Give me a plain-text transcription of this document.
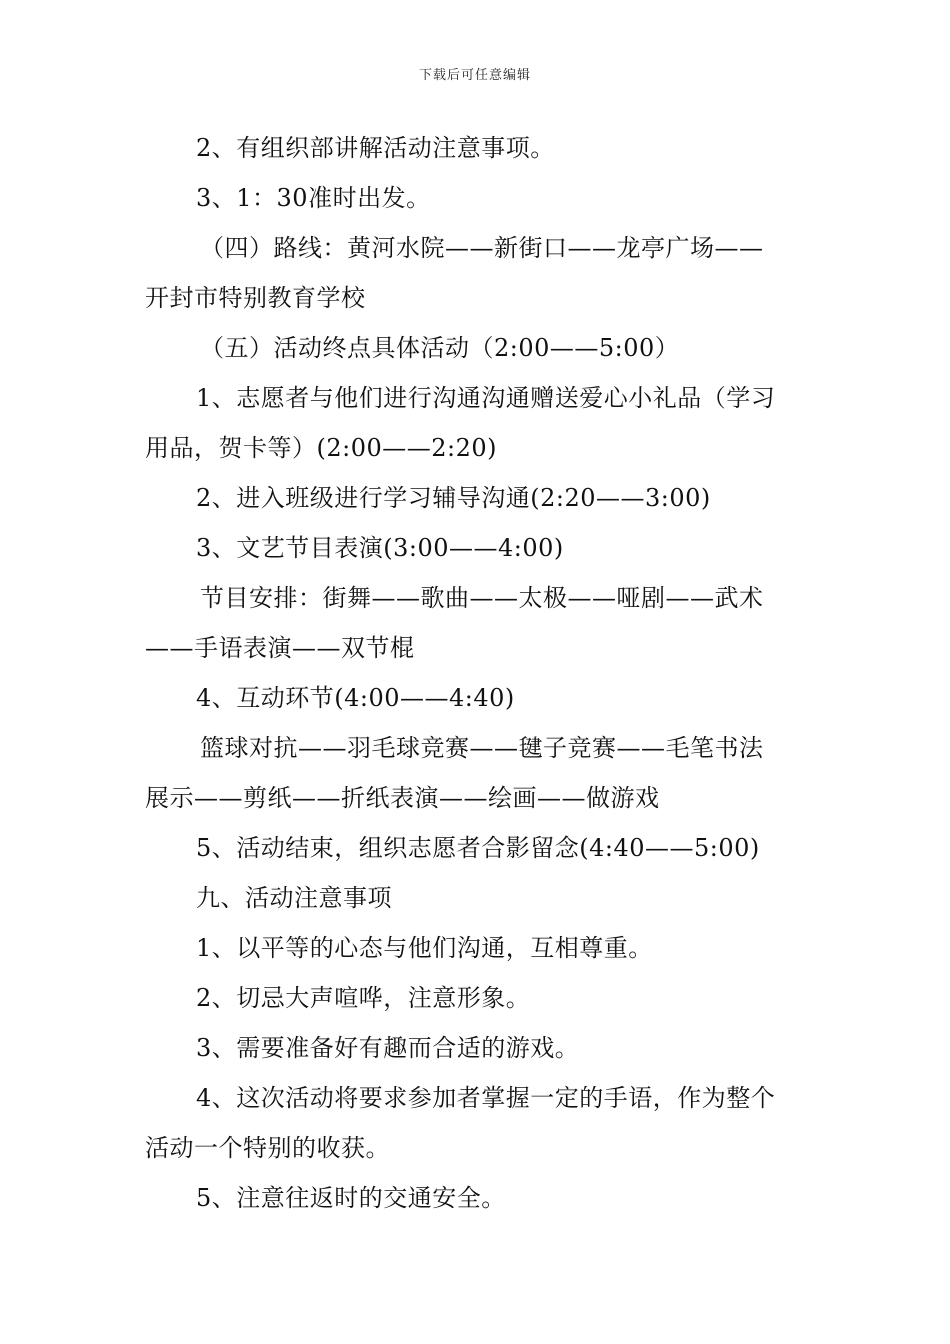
下载后可任意编辑
2、有组织部讲解活动注意事项。
3、1：30准时出发。
（四）路线：黄河水院——新街口——龙亭广场——
开封市特别教育学校
（五）活动终点具体活动（2:00——5:00）
1、志愿者与他们进行沟通沟通赠送爱心小礼品（学习
用品，贺卡等）(2:00——2:20)
2、进入班级进行学习辅导沟通(2:20——3:00)
3、文艺节目表演(3:00——4:00)
节目安排：街舞——歌曲——太极——哑剧——武术
——手语表演——双节棍
4、互动环节(4:00——4:40)
篮球对抗——羽毛球竞赛——毽子竞赛——毛笔书法
展示——剪纸——折纸表演——绘画——做游戏
5、活动结束，组织志愿者合影留念(4:40——5:00)
九、活动注意事项
1、以平等的心态与他们沟通，互相尊重。
2、切忌大声喧哗，注意形象。
3、需要准备好有趣而合适的游戏。
4、这次活动将要求参加者掌握一定的手语，作为整个
活动一个特别的收获。
5、注意往返时的交通安全。
